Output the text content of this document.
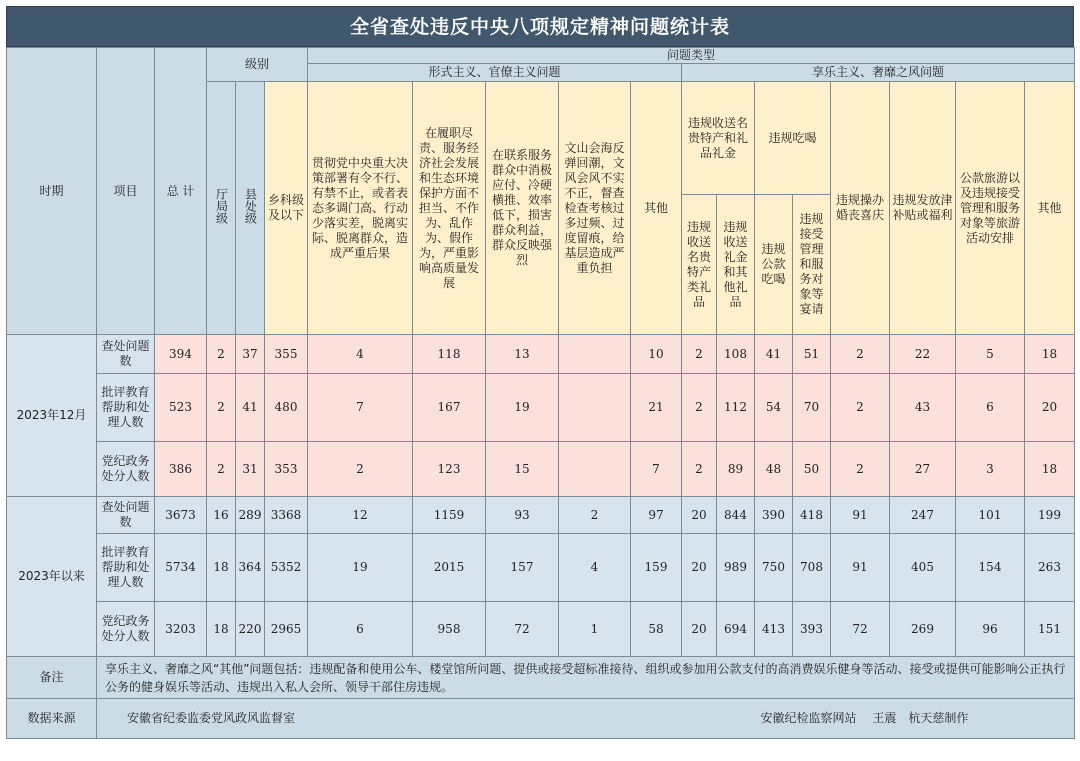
全省查处违反中央八项规定精神问题统计表
时期	项目	总 计	级别			问题类型												
						形式主义、官僚主义问题					享乐主义、奢靡之风问题							
			厅局级	县处级	乡科级及以下	贯彻党中央重大决策部署有令不行、有禁不止，或者表态多调门高、行动少落实差，脱离实际、脱离群众，造成严重后果	在履职尽责、服务经济社会发展和生态环境保护方面不担当、不作为、乱作为、假作为，严重影响高质量发展	在联系服务群众中消极应付、冷硬横推、效率低下，损害群众利益，群众反映强烈	文山会海反弹回潮，文风会风不实不正，督查检查考核过多过频、过度留痕，给基层造成严重负担	其他	违规收送名贵特产和礼品礼金		违规吃喝		违规操办婚丧喜庆	违规发放津补贴或福利	公款旅游以及违规接受管理和服务对象等旅游活动安排	其他

											违规收送名贵特产类礼品	违规收送礼金和其他礼品	违规公款吃喝	违规接受管理和服务对象等宴请				
2023年12月	查处问题数	394	2	37	355	4	118	13		10	2	108	41	51	2	22	5	18
	批评教育帮助和处理人数	523	2	41	480	7	167	19		21	2	112	54	70	2	43	6	20
	党纪政务处分人数	386	2	31	353	2	123	15		7	2	89	48	50	2	27	3	18
2023年以来	查处问题数	3673	16	289	3368	12	1159	93	2	97	20	844	390	418	91	247	101	199
	批评教育帮助和处理人数	5734	18	364	5352	19	2015	157	4	159	20	989	750	708	91	405	154	263
	党纪政务处分人数	3203	18	220	2965	6	958	72	1	58	20	694	413	393	72	269	96	151
备注	享乐主义、奢靡之风“其他”问题包括：违规配备和使用公车、楼堂馆所问题、提供或接受超标准接待、组织或参加用公款支付的高消费娱乐健身等活动、接受或提供可能影响公正执行公务的健身娱乐等活动、违规出入私人会所、领导干部住房违规。																	
数据来源	安徽省纪委监委党风政风监督室 安徽纪检监察网站　 王震　杭天慈制作																	
